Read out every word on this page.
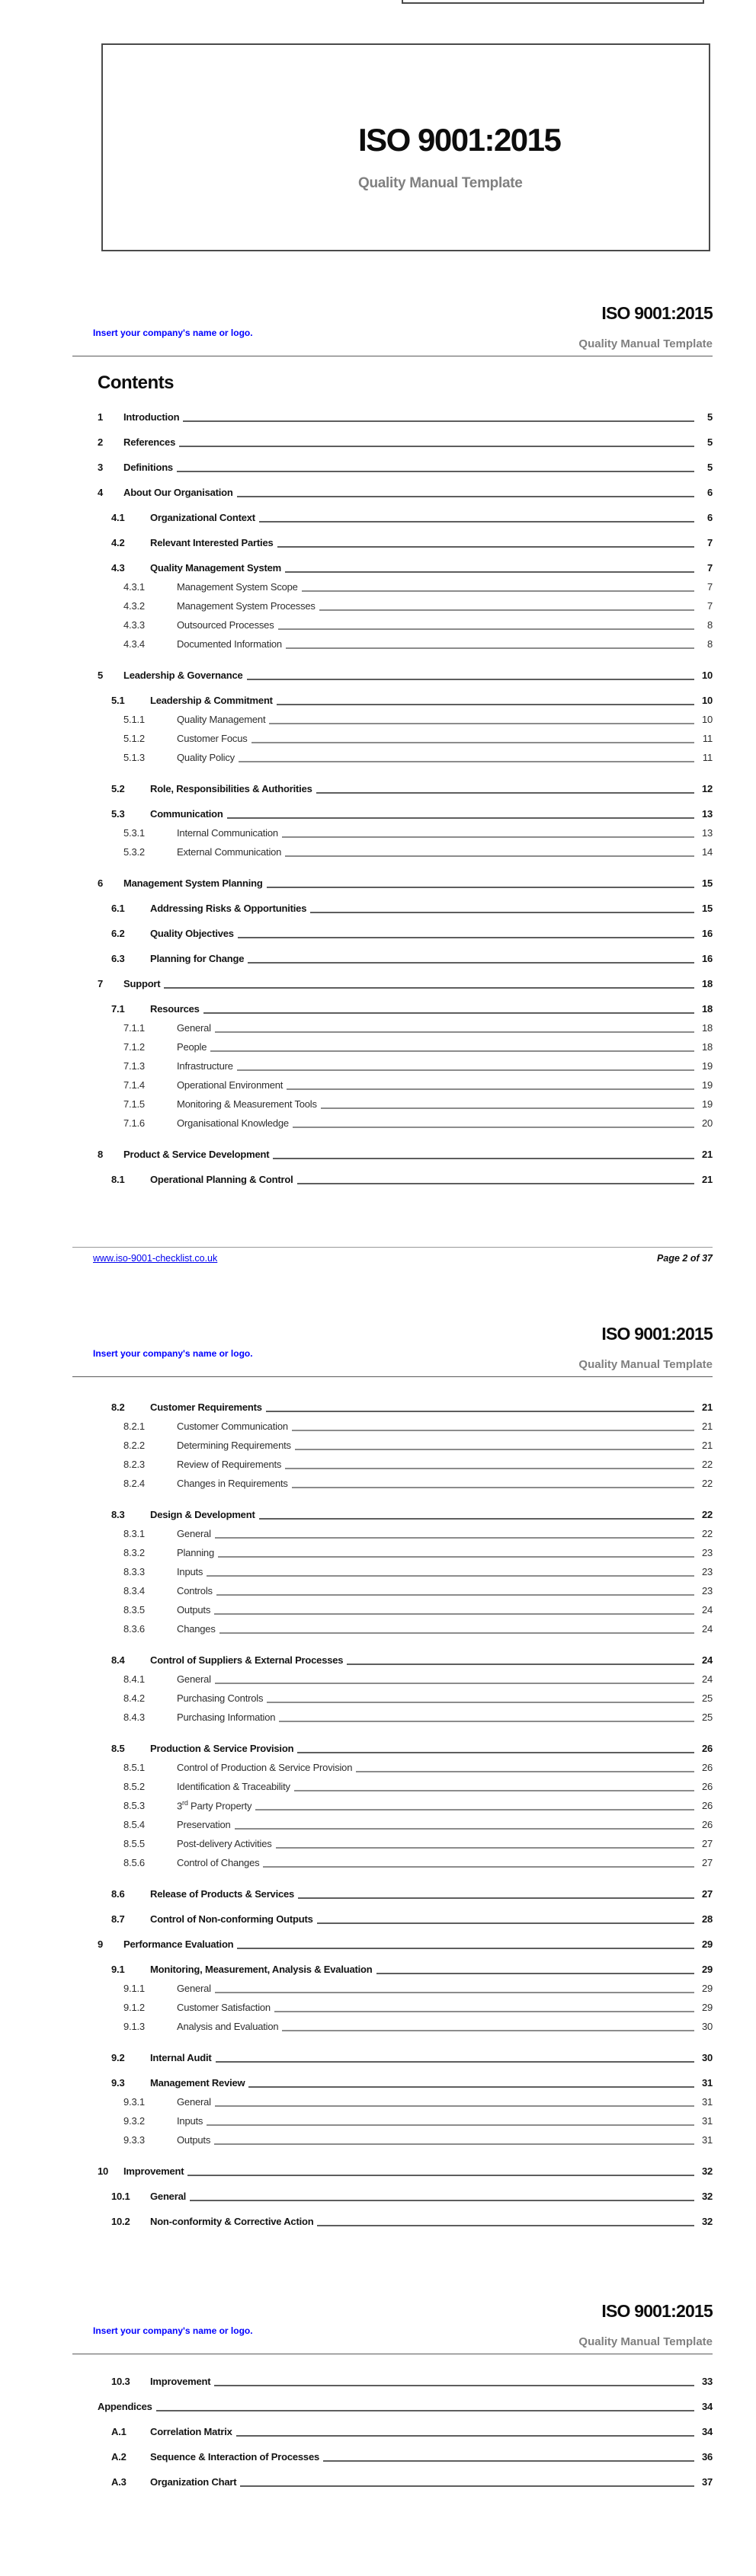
ISO 9001:2015
Quality Manual Template
ISO 9001:2015
Insert your company's name or logo.
Quality Manual Template
Contents
1	Introduction	5
2	References	5
3	Definitions	5
4	About Our Organisation	6
4.1	Organizational Context	6
4.2	Relevant Interested Parties	7
4.3	Quality Management System	7
4.3.1	Management System Scope	7
4.3.2	Management System Processes	7
4.3.3	Outsourced Processes	8
4.3.4	Documented Information	8
5	Leadership & Governance	10
5.1	Leadership & Commitment	10
5.1.1	Quality Management	10
5.1.2	Customer Focus	11
5.1.3	Quality Policy	11
5.2	Role, Responsibilities & Authorities	12
5.3	Communication	13
5.3.1	Internal Communication	13
5.3.2	External Communication	14
6	Management System Planning	15
6.1	Addressing Risks & Opportunities	15
6.2	Quality Objectives	16
6.3	Planning for Change	16
7	Support	18
7.1	Resources	18
7.1.1	General	18
7.1.2	People	18
7.1.3	Infrastructure	19
7.1.4	Operational Environment	19
7.1.5	Monitoring & Measurement Tools	19
7.1.6	Organisational Knowledge	20
8	Product & Service Development	21
8.1	Operational Planning & Control	21
www.iso-9001-checklist.co.uk	Page 2 of 37
ISO 9001:2015
Insert your company's name or logo.
Quality Manual Template
8.2	Customer Requirements	21
8.2.1	Customer Communication	21
8.2.2	Determining Requirements	21
8.2.3	Review of Requirements	22
8.2.4	Changes in Requirements	22
8.3	Design & Development	22
8.3.1	General	22
8.3.2	Planning	23
8.3.3	Inputs	23
8.3.4	Controls	23
8.3.5	Outputs	24
8.3.6	Changes	24
8.4	Control of Suppliers & External Processes	24
8.4.1	General	24
8.4.2	Purchasing Controls	25
8.4.3	Purchasing Information	25
8.5	Production & Service Provision	26
8.5.1	Control of Production & Service Provision	26
8.5.2	Identification & Traceability	26
8.5.3	3rd Party Property	26
8.5.4	Preservation	26
8.5.5	Post-delivery Activities	27
8.5.6	Control of Changes	27
8.6	Release of Products & Services	27
8.7	Control of Non-conforming Outputs	28
9	Performance Evaluation	29
9.1	Monitoring, Measurement, Analysis & Evaluation	29
9.1.1	General	29
9.1.2	Customer Satisfaction	29
9.1.3	Analysis and Evaluation	30
9.2	Internal Audit	30
9.3	Management Review	31
9.3.1	General	31
9.3.2	Inputs	31
9.3.3	Outputs	31
10	Improvement	32
10.1	General	32
10.2	Non-conformity & Corrective Action	32
ISO 9001:2015
Insert your company's name or logo.
Quality Manual Template
10.3	Improvement	33
Appendices	34
A.1	Correlation Matrix	34
A.2	Sequence & Interaction of Processes	36
A.3	Organization Chart	37
